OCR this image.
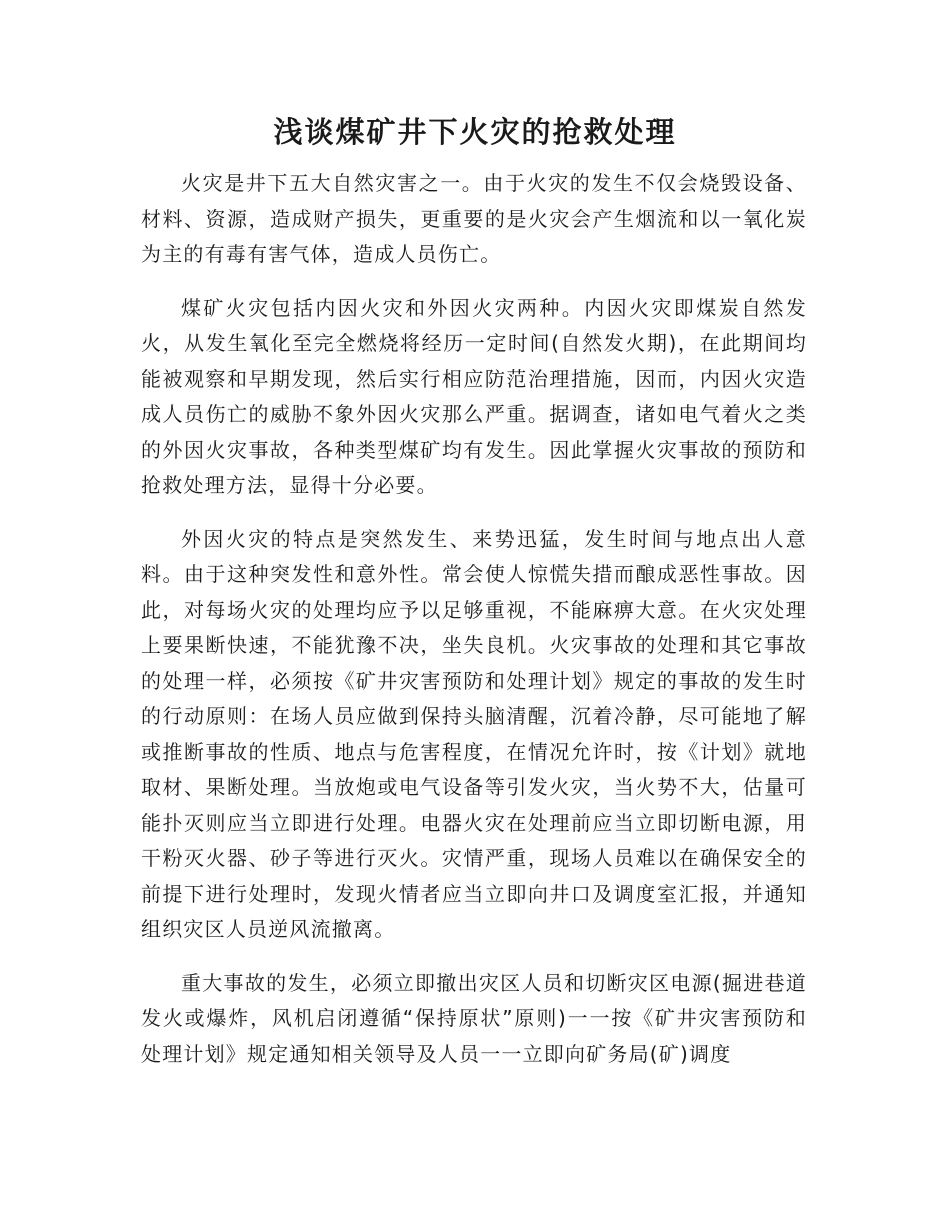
浅谈煤矿井下火灾的抢救处理

火灾是井下五大自然灾害之一。由于火灾的发生不仅会烧毁设备、材料、资源，造成财产损失，更重要的是火灾会产生烟流和以一氧化炭为主的有毒有害气体，造成人员伤亡。

煤矿火灾包括内因火灾和外因火灾两种。内因火灾即煤炭自然发火，从发生氧化至完全燃烧将经历一定时间(自然发火期)，在此期间均能被观察和早期发现，然后实行相应防范治理措施，因而，内因火灾造成人员伤亡的威胁不象外因火灾那么严重。据调查，诸如电气着火之类的外因火灾事故，各种类型煤矿均有发生。因此掌握火灾事故的预防和抢救处理方法，显得十分必要。

外因火灾的特点是突然发生、来势迅猛，发生时间与地点出人意料。由于这种突发性和意外性。常会使人惊慌失措而酿成恶性事故。因此，对每场火灾的处理均应予以足够重视，不能麻痹大意。在火灾处理上要果断快速，不能犹豫不决，坐失良机。火灾事故的处理和其它事故的处理一样，必须按《矿井灾害预防和处理计划》规定的事故的发生时的行动原则：在场人员应做到保持头脑清醒，沉着冷静，尽可能地了解或推断事故的性质、地点与危害程度，在情况允许时，按《计划》就地取材、果断处理。当放炮或电气设备等引发火灾，当火势不大，估量可能扑灭则应当立即进行处理。电器火灾在处理前应当立即切断电源，用干粉灭火器、砂子等进行灭火。灾情严重，现场人员难以在确保安全的前提下进行处理时，发现火情者应当立即向井口及调度室汇报，并通知组织灾区人员逆风流撤离。

重大事故的发生，必须立即撤出灾区人员和切断灾区电源(掘进巷道发火或爆炸，风机启闭遵循“保持原状”原则)一一按《矿井灾害预防和处理计划》规定通知相关领导及人员一一立即向矿务局(矿)调度
